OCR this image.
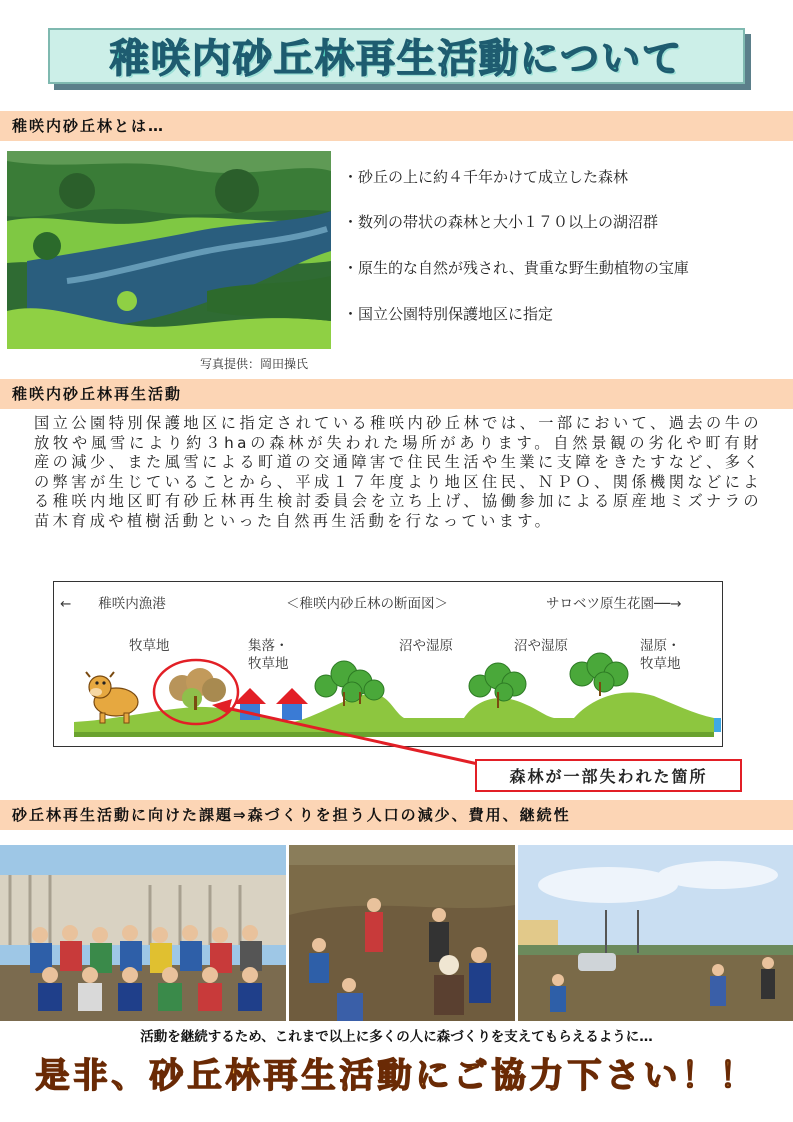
稚咲内砂丘林再生活動について
稚咲内砂丘林とは…
写真提供：岡田操氏
・砂丘の上に約４千年かけて成立した森林
・数列の帯状の森林と大小１７０以上の湖沼群
・原生的な自然が残され、貴重な野生動植物の宝庫
・国立公園特別保護地区に指定
稚咲内砂丘林再生活動
国立公園特別保護地区に指定されている稚咲内砂丘林では、一部において、過去の牛の放牧や風雪により約３haの森林が失われた場所があります。自然景観の劣化や町有財産の減少、また風雪による町道の交通障害で住民生活や生業に支障をきたすなど、多くの弊害が生じていることから、平成１７年度より地区住民、ＮＰＯ、関係機関などによる稚咲内地区町有砂丘林再生検討委員会を立ち上げ、協働参加による原産地ミズナラの苗木育成や植樹活動といった自然再生活動を行なっています。
←　　稚咲内漁港	＜稚咲内砂丘林の断面図＞	サロベツ原生花園──→
牧草地	集落・
牧草地
沼や湿原	沼や湿原	湿原・
牧草地
森林が一部失われた箇所
砂丘林再生活動に向けた課題⇒森づくりを担う人口の減少、費用、継続性
活動を継続するため、これまで以上に多くの人に森づくりを支えてもらえるように…
是非、砂丘林再生活動にご協力下さい！！
